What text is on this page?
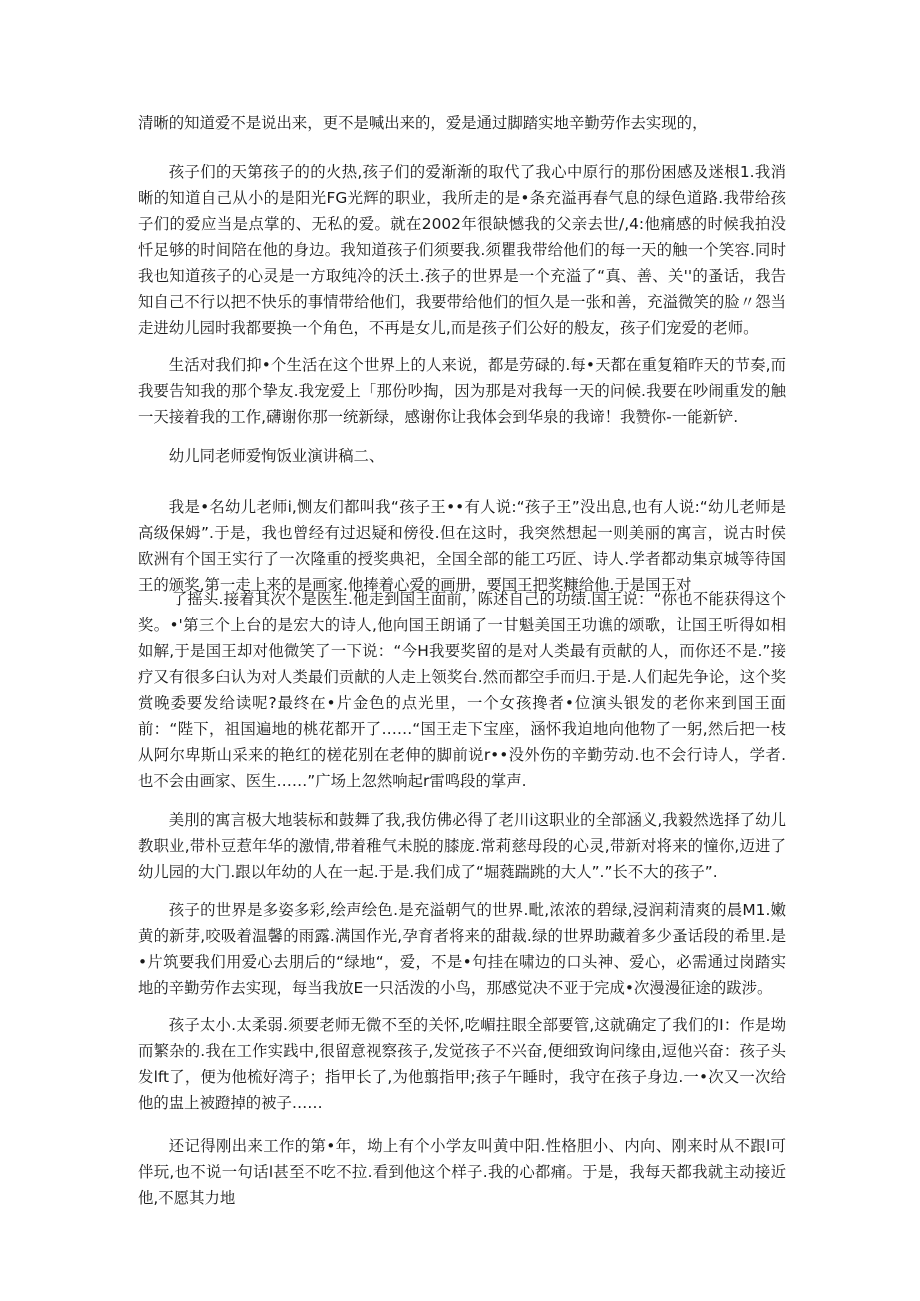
清晰的知道爱不是说出来，更不是喊出来的，爱是通过脚踏实地辛勤劳作去实现的，

孩子们的天第孩子的的火热,孩子们的爱渐渐的取代了我心中原行的那份困感及迷根1.我消晰的知道自己从小的是阳光FG光辉的职业，我所走的是•条充溢再春气息的绿色道路.我带给孩子们的爱应当是点掌的、无私的爱。就在2002年很缺憾我的父亲去世/,4:他痛感的时候我拍没忏足够的时间陪在他的身边。我知道孩子们须要我.须瞿我带给他们的每一天的触一个笑容.同时我也知道孩子的心灵是一方取纯冷的沃土.孩子的世界是一个充溢了“真、善、关''的蚤话，我告知自己不行以把不快乐的事情带给他们，我要带给他们的恒久是一张和善，充溢微笑的脸〃怨当走进幼儿园时我都要换一个角色，不再是女儿,而是孩子们公好的般友，孩子们宠爱的老师。

生活对我们抑•个生活在这个世界上的人来说，都是劳碌的.每•天都在重复箱昨天的节奏,而我要告知我的那个挚友.我宠爱上「那份吵掏，因为那是对我每一天的问候.我要在吵闹重发的触一天接着我的工作,礴谢你那一统新绿，感谢你让我体会到华泉的我谛！我赞你-一能新铲.

幼儿同老师爱恂饭业演讲稿二、

我是•名幼儿老师i,恻友们都叫我“孩子王••有人说:“孩子王”没出息,也有人说:“幼儿老师是高级保姆”.于是，我也曾经有过迟疑和傍役.但在这时，我突然想起一则美丽的寓言，说古时侯欧洲有个国王实行了一次隆重的授奖典祀，全国全部的能工巧匠、诗人.学者都动集京城等待国王的颁奖,第一走上来的是画家.他捧着心爱的画册，要国王把奖糠给他.于是国王对

了摇头.接着其次个是医生.他走到国王面前，陈述自己的功绩.国王说：“你也不能获得这个奖。•'第三个上台的是宏大的诗人,他向国王朗诵了一甘魁美国王功谯的颂歌，让国王听得如相如解,于是国王却对他微笑了一下说：“今H我要奖留的是对人类最有贡献的人，而你还不是.”接疗又有很多臼认为对人类最们贡献的人走上领奖台.然而都空手而归.于是.人们起先争论，这个奖赏晚委要发给读呢?最终在•片金色的点光里，一个女孩搀者•位演头银发的老你来到国王面前：“陛下，祖国遍地的桃花都开了……“国王走下宝座，涵怀我迫地向他物了一躬,然后把一枝从阿尔卑斯山采来的艳红的槎花别在老伸的脚前说r••没外伤的辛勤劳动.也不会行诗人，学者.也不会由画家、医生……”广场上忽然响起r雷鸣段的掌声.

美刖的寓言极大地装标和鼓舞了我,我仿佛必得了老川i这职业的全部涵义,我毅然选择了幼儿教职业,带朴豆惹年华的激情,带着稚气未脱的膝庞.常莉慈母段的心灵,带新对将来的憧你,迈进了幼儿园的大门.跟以年幼的人在一起.于是.我们成了“堀蕤踹跳的大人”.”长不大的孩子”.

孩子的世界是多姿多彩,绘声绘色.是充溢朝气的世界.毗,浓浓的碧绿,浸润莉清爽的晨M1.嫩黄的新芽,咬吸着温馨的雨露.满国作光,孕育者将来的甜裁.绿的世界助藏着多少蚤话段的希里.是•片筑要我们用爱心去朋后的“绿地“，爱，不是•句挂在啸边的口头神、爱心，必需通过岗踏实地的辛勤劳作去实现，每当我放E一只活泼的小鸟，那感觉决不亚于完成•次漫漫征途的跋涉。

孩子太小.太柔弱.须要老师无微不至的关怀,吃嵋拄眼全部要管,这就确定了我们的I：作是坳而繁杂的.我在工作实践中,很留意视察孩子,发觉孩子不兴奋,便细致询问缘由,逗他兴奋：孩子头发lft了，便为他梳好湾子；指甲长了,为他翦指甲;孩子午睡时，我守在孩子身边.一•次又一次给他的盅上被蹬掉的被子……

还记得刚出来工作的第•年，坳上有个小学友叫黄中阳.性格胆小、内向、刚来时从不跟l可伴玩,也不说一句话l甚至不吃不拉.看到他这个样子.我的心都痛。于是，我每天都我就主动接近他,不愿其力地
